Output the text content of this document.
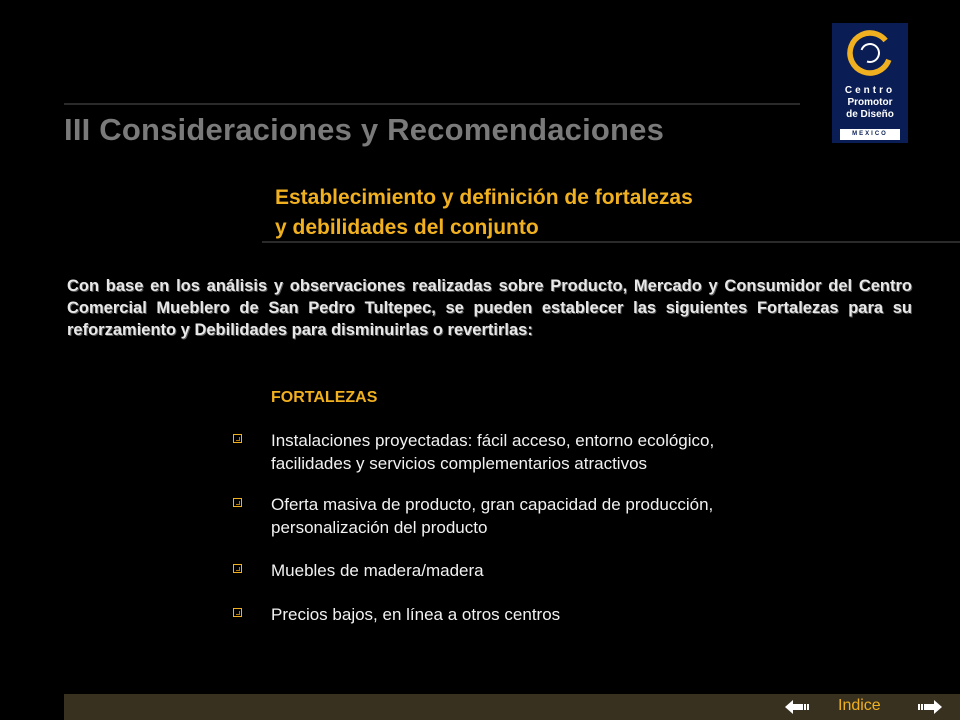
III Consideraciones y Recomendaciones
Centro
Promotor
de Diseño
MEXICO
Establecimiento y definición de fortalezas
y debilidades del conjunto

Con base en los análisis y observaciones realizadas sobre Producto, Mercado y Consumidor del Centro Comercial Mueblero de San Pedro Tultepec, se pueden establecer las siguientes Fortalezas para su reforzamiento y Debilidades para disminuirlas o revertirlas:

FORTALEZAS
Instalaciones proyectadas: fácil acceso, entorno ecológico,
facilidades y servicios complementarios atractivos
Oferta masiva de producto, gran capacidad de producción,
personalización del producto
Muebles de madera/madera
Precios bajos, en línea a otros centros
Indice
